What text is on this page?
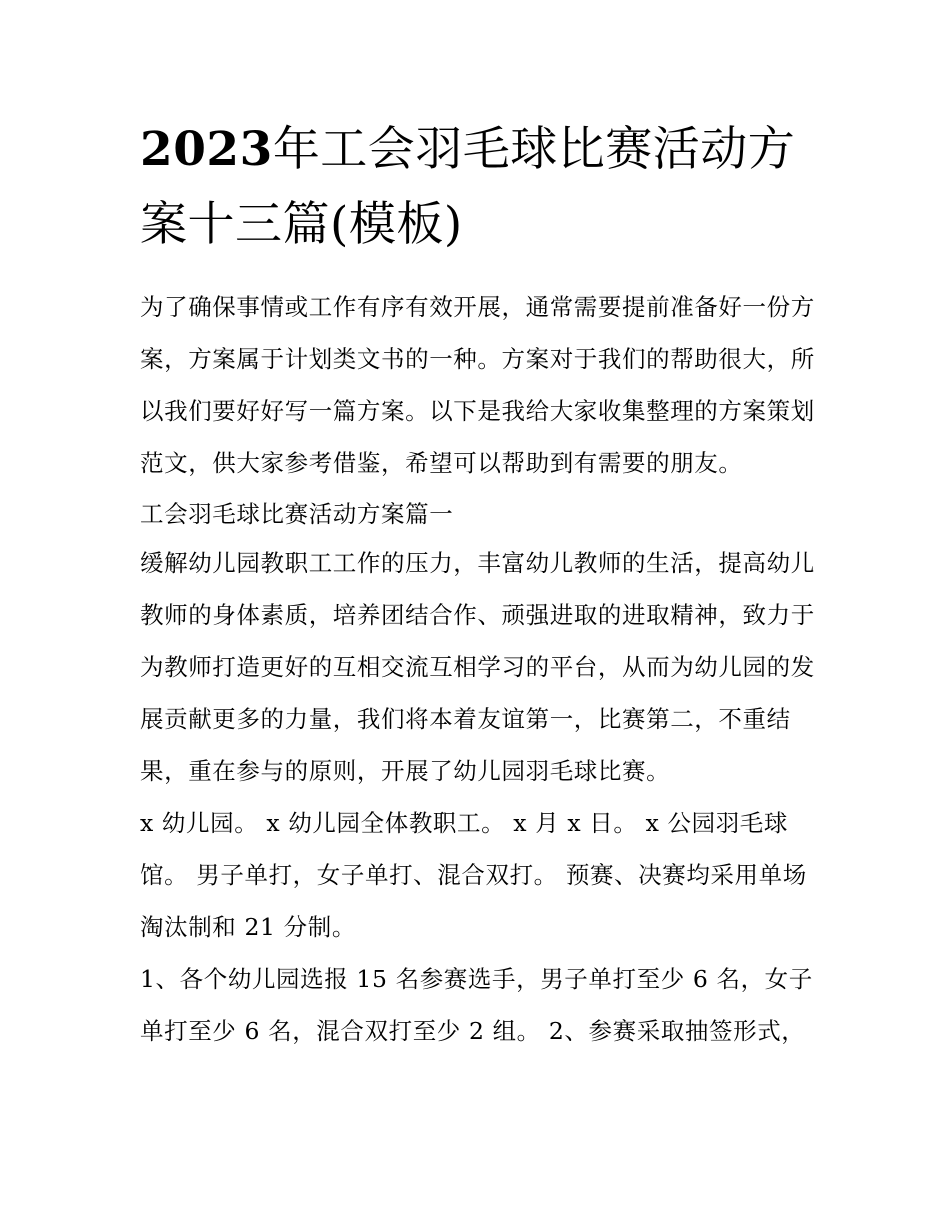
2023年工会羽毛球比赛活动方案十三篇(模板)

为了确保事情或工作有序有效开展，通常需要提前准备好一份方案，方案属于计划类文书的一种。方案对于我们的帮助很大，所以我们要好好写一篇方案。以下是我给大家收集整理的方案策划范文，供大家参考借鉴，希望可以帮助到有需要的朋友。

工会羽毛球比赛活动方案篇一

缓解幼儿园教职工工作的压力，丰富幼儿教师的生活，提高幼儿教师的身体素质，培养团结合作、顽强进取的进取精神，致力于为教师打造更好的互相交流互相学习的平台，从而为幼儿园的发展贡献更多的力量，我们将本着友谊第一，比赛第二，不重结果，重在参与的原则，开展了幼儿园羽毛球比赛。

x 幼儿园。 x 幼儿园全体教职工。 x 月 x 日。 x 公园羽毛球馆。 男子单打，女子单打、混合双打。 预赛、决赛均采用单场淘汰制和 21 分制。

1、各个幼儿园选报 15 名参赛选手，男子单打至少 6 名，女子单打至少 6 名，混合双打至少 2 组。 2、参赛采取抽签形式，
